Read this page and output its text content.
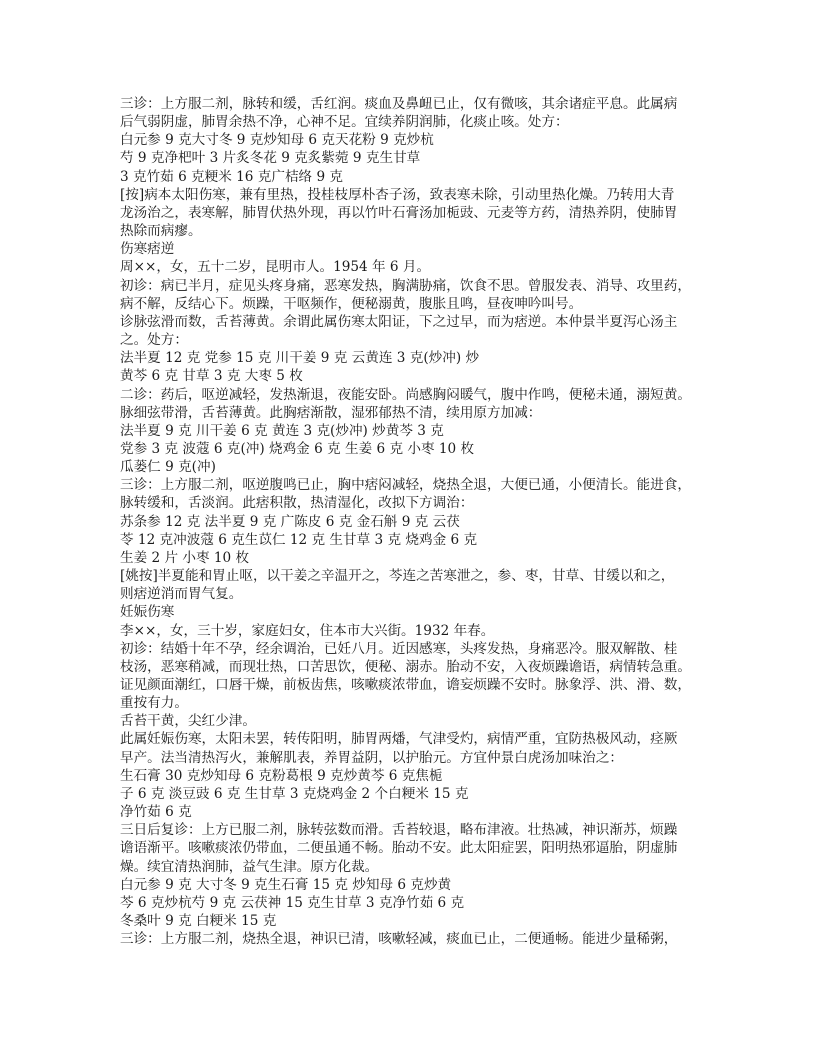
三诊：上方服二剂，脉转和缓，舌红润。痰血及鼻衄已止，仅有微咳，其余诸症平息。此属病
后气弱阴虚，肺胃余热不净，心神不足。宜续养阴润肺，化痰止咳。处方：
白元参 9 克大寸冬 9 克炒知母 6 克天花粉 9 克炒杭
芍 9 克净杷叶 3 片炙冬花 9 克炙紫菀 9 克生甘草
3 克竹茹 6 克粳米 16 克广桔络 9 克
[按]病本太阳伤寒，兼有里热，投桂枝厚朴杏子汤，致表寒未除，引动里热化燥。乃转用大青
龙汤治之，表寒解，肺胃伏热外现，再以竹叶石膏汤加栀豉、元麦等方药，清热养阴，使肺胃
热除而病瘳。
伤寒痞逆
周××，女，五十二岁，昆明市人。1954 年 6 月。
初诊：病已半月，症见头疼身痛，恶寒发热，胸满胁痛，饮食不思。曾服发表、消导、攻里药，
病不解，反结心下。烦躁，干呕频作，便秘溺黄，腹胀且鸣，昼夜呻吟叫号。
诊脉弦滑而数，舌苔薄黄。余谓此属伤寒太阳证，下之过早，而为痞逆。本仲景半夏泻心汤主
之。处方：
法半夏 12 克 党参 15 克 川干姜 9 克 云黄连 3 克(炒冲) 炒
黄芩 6 克 甘草 3 克 大枣 5 枚
二诊：药后，呕逆减轻，发热渐退，夜能安卧。尚感胸闷暖气，腹中作鸣，便秘未通，溺短黄。
脉细弦带滑，舌苔薄黄。此胸痞渐散，湿邪郁热不清，续用原方加减：
法半夏 9 克 川干姜 6 克 黄连 3 克(炒冲) 炒黄芩 3 克
党参 3 克 波蔻 6 克(冲) 烧鸡金 6 克 生姜 6 克 小枣 10 枚
瓜蒌仁 9 克(冲)
三诊：上方服二剂，呕逆腹鸣已止，胸中痞闷减轻，烧热全退，大便已通，小便清长。能进食，
脉转缓和，舌淡润。此痞积散，热清湿化，改拟下方调治：
苏条参 12 克 法半夏 9 克 广陈皮 6 克 金石斛 9 克 云茯
苓 12 克冲波蔻 6 克生苡仁 12 克 生甘草 3 克 烧鸡金 6 克
生姜 2 片 小枣 10 枚
[姚按]半夏能和胃止呕，以干姜之辛温开之，芩连之苦寒泄之，参、枣，甘草、甘缓以和之，
则痞逆消而胃气复。
妊娠伤寒
李××，女，三十岁，家庭妇女，住本市大兴街。1932 年春。
初诊：结婚十年不孕，经余调治，已妊八月。近因感寒，头疼发热，身痛恶冷。服双解散、桂
枝汤，恶寒稍减，而现壮热，口苦思饮，便秘、溺赤。胎动不安，入夜烦躁谵语，病情转急重。
证见颜面潮红，口唇干燥，前板齿焦，咳嗽痰浓带血，谵妄烦躁不安时。脉象浮、洪、滑、数，
重按有力。
舌苔干黄，尖红少津。
此属妊娠伤寒，太阳未罢，转传阳明，肺胃两燔，气津受灼，病情严重，宜防热极风动，痉厥
早产。法当清热泻火，兼解肌表，养胃益阴，以护胎元。方宜仲景白虎汤加味治之：
生石膏 30 克炒知母 6 克粉葛根 9 克炒黄芩 6 克焦栀
子 6 克 淡豆豉 6 克 生甘草 3 克烧鸡金 2 个白粳米 15 克
净竹茹 6 克
三日后复诊：上方已服二剂，脉转弦数而滑。舌苔较退，略布津液。壮热减，神识渐苏，烦躁
谵语渐平。咳嗽痰浓仍带血，二便虽通不畅。胎动不安。此太阳症罢，阳明热邪逼胎，阴虚肺
燥。续宜清热润肺，益气生津。原方化裁。
白元参 9 克 大寸冬 9 克生石膏 15 克 炒知母 6 克炒黄
芩 6 克炒杭芍 9 克 云茯神 15 克生甘草 3 克净竹茹 6 克
冬桑叶 9 克 白粳米 15 克
三诊：上方服二剂，烧热全退，神识已清，咳嗽轻减，痰血已止，二便通畅。能进少量稀粥，
